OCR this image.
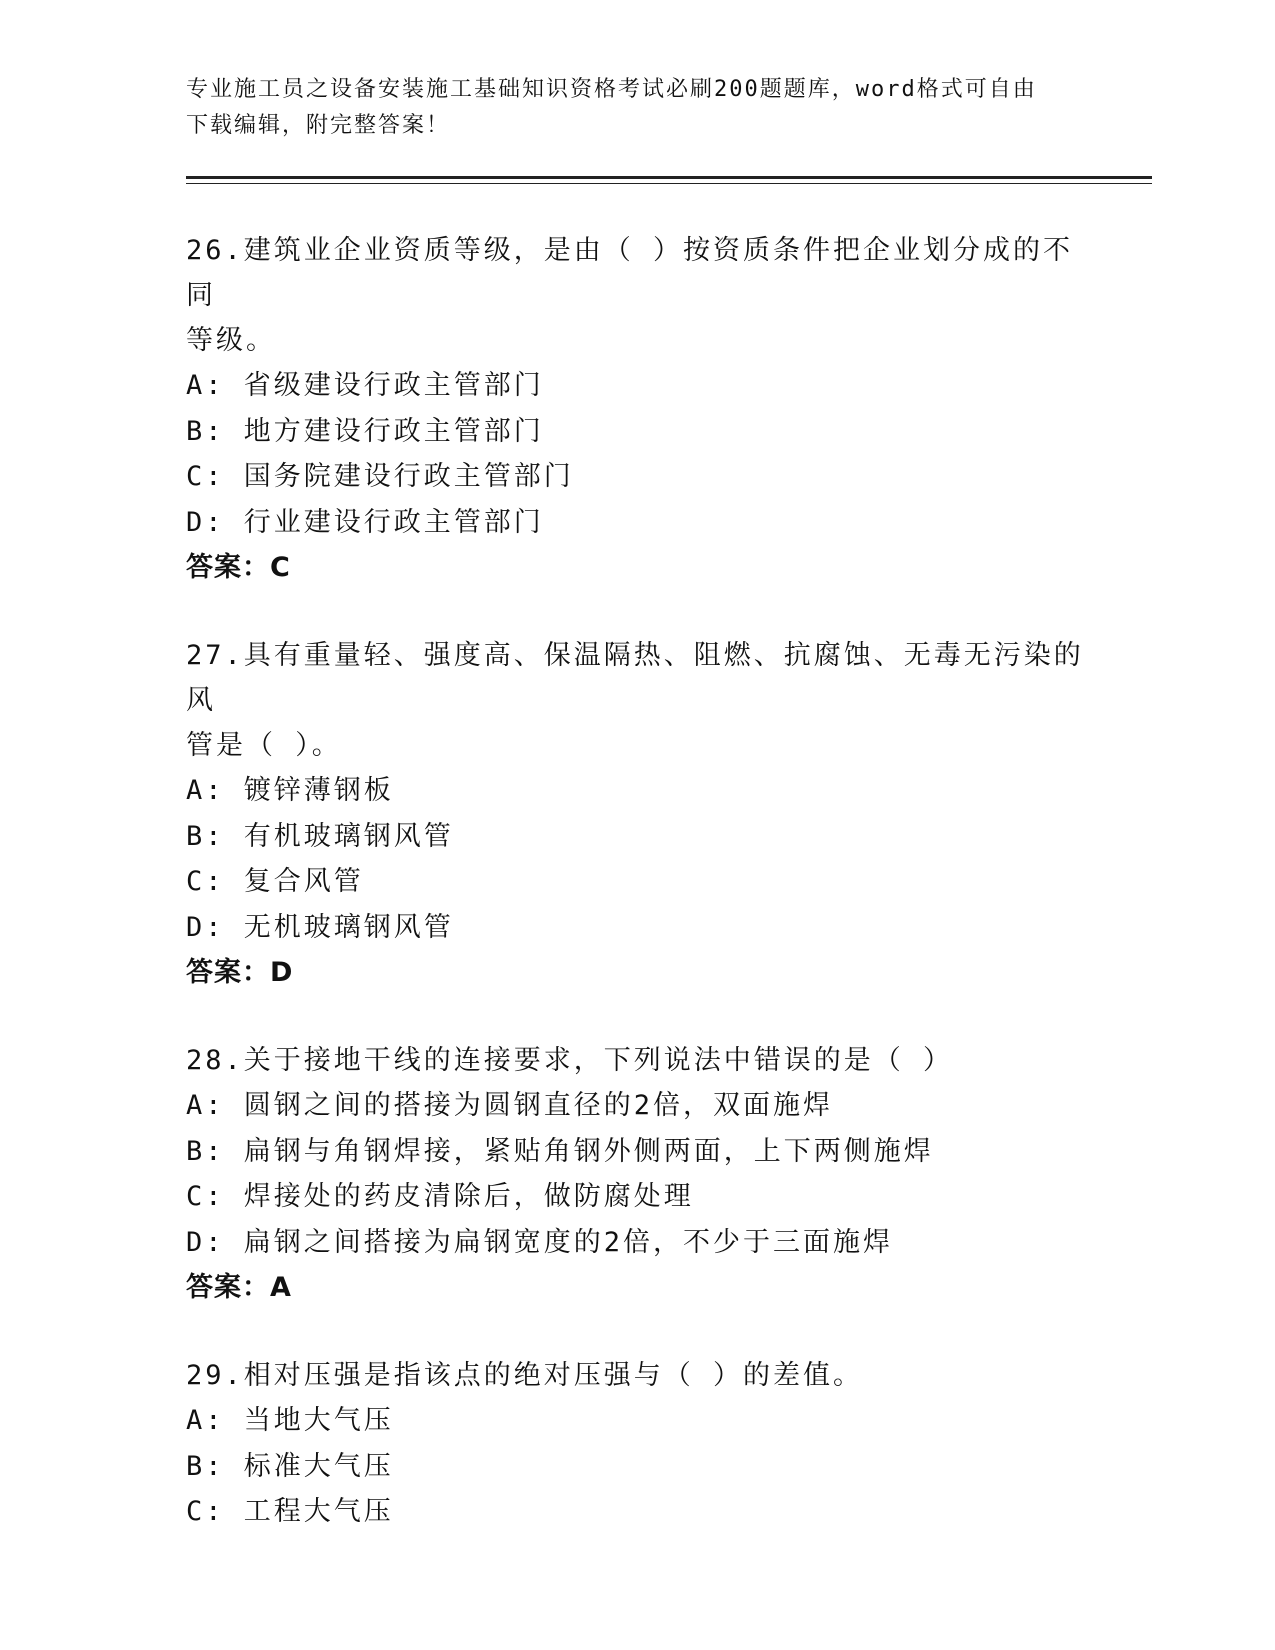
专业施工员之设备安装施工基础知识资格考试必刷200题题库，word格式可自由
下载编辑，附完整答案！
26.建筑业企业资质等级，是由（ ）按资质条件把企业划分成的不同
等级。
A: 省级建设行政主管部门
B: 地方建设行政主管部门
C: 国务院建设行政主管部门
D: 行业建设行政主管部门
答案：C
27.具有重量轻、强度高、保温隔热、阻燃、抗腐蚀、无毒无污染的风
管是（ ）。
A: 镀锌薄钢板
B: 有机玻璃钢风管
C: 复合风管
D: 无机玻璃钢风管
答案：D
28.关于接地干线的连接要求，下列说法中错误的是（ ）
A: 圆钢之间的搭接为圆钢直径的2倍，双面施焊
B: 扁钢与角钢焊接，紧贴角钢外侧两面，上下两侧施焊
C: 焊接处的药皮清除后，做防腐处理
D: 扁钢之间搭接为扁钢宽度的2倍，不少于三面施焊
答案：A
29.相对压强是指该点的绝对压强与（ ）的差值。
A: 当地大气压
B: 标准大气压
C: 工程大气压
